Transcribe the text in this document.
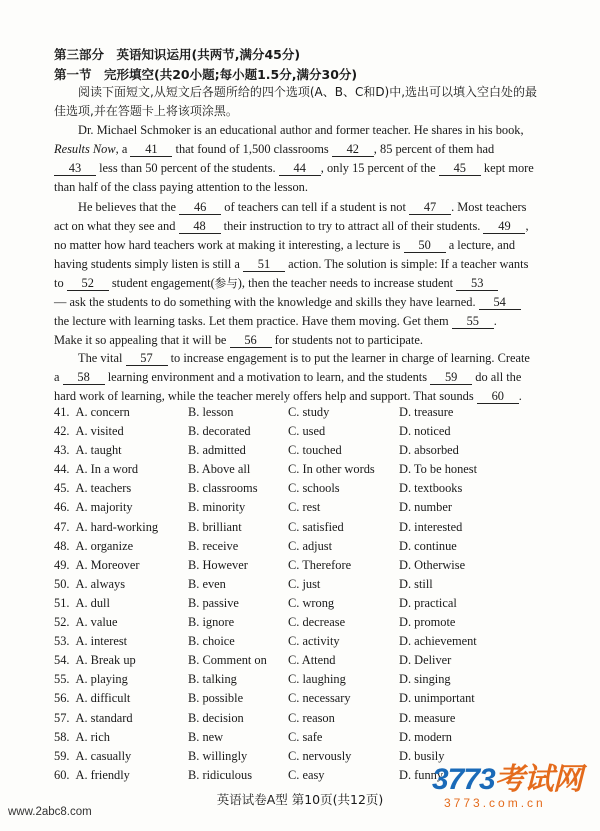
第三部分　英语知识运用(共两节,满分45分)
第一节　完形填空(共20小题;每小题1.5分,满分30分)
阅读下面短文,从短文后各题所给的四个选项(A、B、C和D)中,选出可以填入空白处的最佳选项,并在答题卡上将该项涂黑。
Dr. Michael Schmoker is an educational author and former teacher. He shares in his book,
Results Now, a 41 that found of 1,500 classrooms 42 , 85 percent of them had
43 less than 50 percent of the students. 44 , only 15 percent of the 45 kept more
than half of the class paying attention to the lesson.
He believes that the 46 of teachers can tell if a student is not 47 . Most teachers
act on what they see and 48 their instruction to try to attract all of their students. 49 ,
no matter how hard teachers work at making it interesting, a lecture is 50 a lecture, and
having students simply listen is still a 51 action. The solution is simple: If a teacher wants
to 52 student engagement(参与), then the teacher needs to increase student 53
— ask the students to do something with the knowledge and skills they have learned. 54
the lecture with learning tasks. Let them practice. Have them moving. Get them 55 .
Make it so appealing that it will be 56 for students not to participate.
The vital 57 to increase engagement is to put the learner in charge of learning. Create
a 58 learning environment and a motivation to learn, and the students 59 do all the
hard work of learning, while the teacher merely offers help and support. That sounds 60 .
41. A. concern	B. lesson	C. study	D. treasure
42. A. visited	B. decorated	C. used	D. noticed
43. A. taught	B. admitted	C. touched	D. absorbed
44. A. In a word	B. Above all	C. In other words D. To be honest
45. A. teachers	B. classrooms C. schools	D. textbooks
46. A. majority	B. minority	C. rest	D. number
47. A. hard-working B. brilliant	C. satisfied	D. interested
48. A. organize	B. receive	C. adjust	D. continue
49. A. Moreover	B. However	C. Therefore	D. Otherwise
50. A. always	B. even	C. just	D. still
51. A. dull	B. passive	C. wrong	D. practical
52. A. value	B. ignore	C. decrease	D. promote
53. A. interest	B. choice	C. activity	D. achievement
54. A. Break up	B. Comment on C. Attend	D. Deliver
55. A. playing	B. talking	C. laughing	D. singing
56. A. difficult	B. possible	C. necessary	D. unimportant
57. A. standard	B. decision	C. reason	D. measure
58. A. rich	B. new	C. safe	D. modern
59. A. casually	B. willingly	C. nervously	D. busily
60. A. friendly	B. ridiculous	C. easy	D. funny
英语试卷A型 第10页(共12页)
www.2abc8.com
3773考试网
3773.com.cn
